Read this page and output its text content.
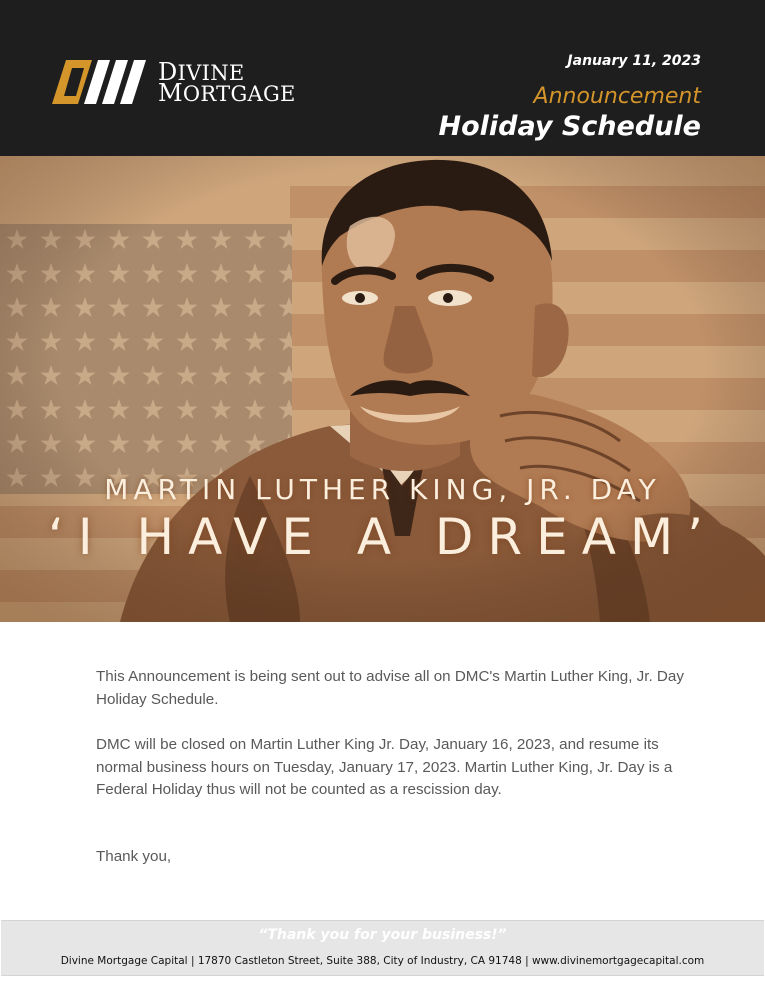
DIVINE
MORTGAGE
January 11, 2023
Announcement
Holiday Schedule
MARTIN LUTHER KING, JR. DAY
‘I HAVE A DREAM’

This Announcement is being sent out to advise all on DMC's Martin Luther King, Jr. Day Holiday Schedule.

DMC will be closed on Martin Luther King Jr. Day, January 16, 2023, and resume its normal business hours on Tuesday, January 17, 2023. Martin Luther King, Jr. Day is a Federal Holiday thus will not be counted as a rescission day.

Thank you,
“Thank you for your business!”
Divine Mortgage Capital | 17870 Castleton Street, Suite 388, City of Industry, CA 91748 | www.divinemortgagecapital.com
